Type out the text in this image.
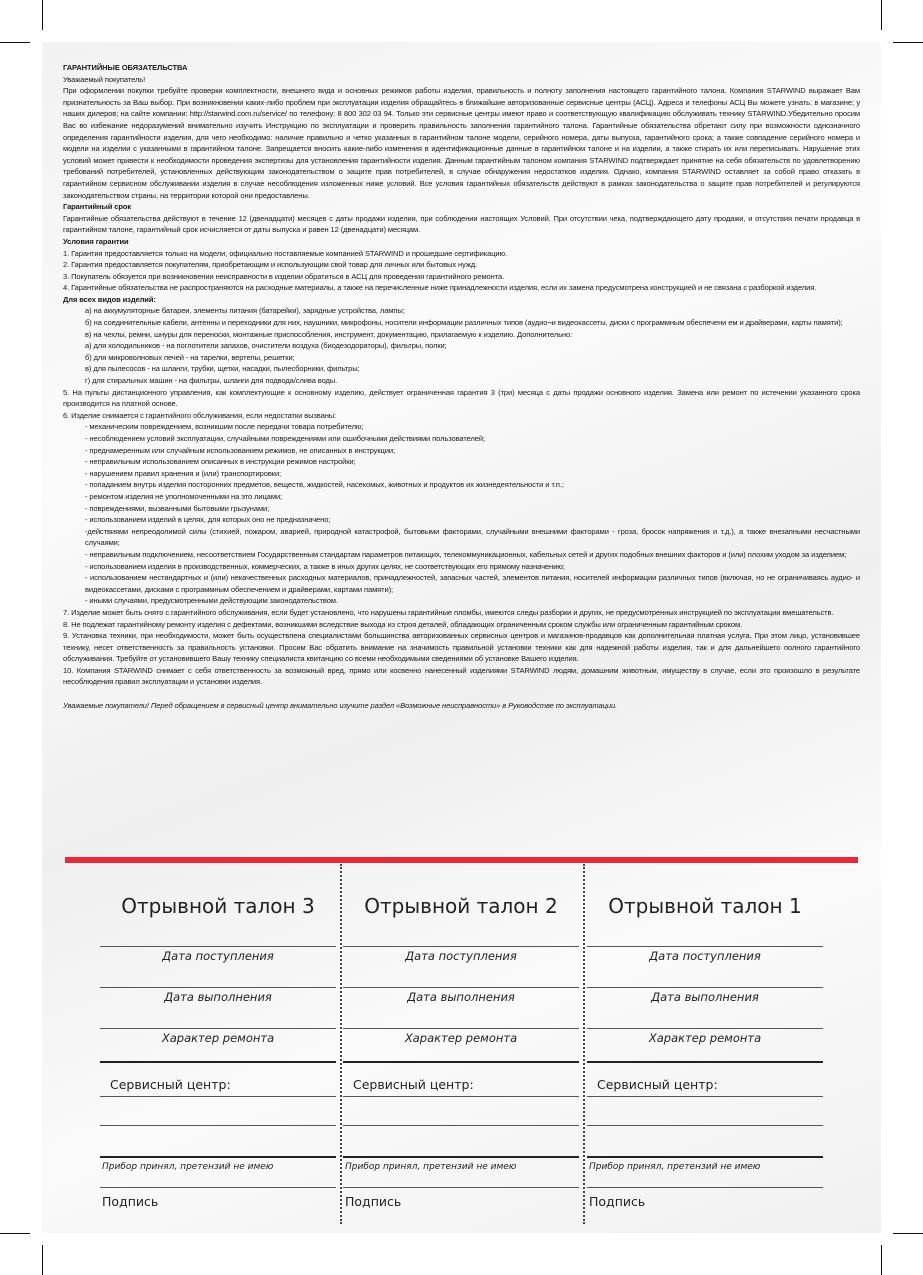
ГАРАНТИЙНЫЕ ОБЯЗАТЕЛЬСТВА

Уважаемый покупатель!

При оформлении покупки требуйте проверки комплектности, внешнего вида и основных режимов работы изделия, правильность и полноту заполнения настоящего гарантийного талона. Компания STARWIND выражает Вам признательность за Ваш выбор. При возникновении каких-либо проблем при эксплуатации изделия обращайтесь в ближайшие авторизованные сервисные центры (АСЦ). Адреса и телефоны АСЦ Вы можете узнать: в магазине; у наших дилеров; на сайте компании: http://starwind.com.ru/service/ по телефону: 8 800 302 03 94. Только эти сервисные центры имеют право и соответствующую квалификацию обслуживать технику STARWIND.Убедительно просим Вас во избежание недоразумений внимательно изучить Инструкцию по эксплуатации и проверить правильность заполнения гарантийного талона. Гарантийные обязательства обретают силу при возможности однозначного определения гарантийности изделия, для чего необходимо: наличие правильно и четко указанных в гарантийном талоне модели, серийного номера, даты выпуска, гарантийного срока; а также совпадение серийного номера и модели на изделии с указанными в гарантийном талоне. Запрещается вносить какие-либо изменения в идентификационные данные в гарантийном талоне и на изделии, а также стирать их или переписывать. Нарушение этих условий может привести к необходимости проведения экспертизы для установления гарантийности изделия. Данным гарантийным талоном компания STARWIND подтверждает принятие на себя обязательств по удовлетворению требований потребителей, установленных действующим законодательством о защите прав потребителей, в случае обнаружения недостатков изделия. Однако, компания STARWIND оставляет за собой право отказать в гарантийном сервисном обслуживании изделия в случае несоблюдения изложенных ниже условий. Все условия гарантийных обязательств действуют в рамках законодательства о защите прав потребителей и регулируются законодательством страны, на территории которой они предоставлены.

Гарантийный срок

Гарантийные обязательства действуют в течение 12 (двенадцати) месяцев с даты продажи изделия, при соблюдении настоящих Условий. При отсутствии чека, подтверждающего дату продажи, и отсутствия печати продавца в гарантийном талоне, гарантийный срок исчисляется от даты выпуска и равен 12 (двенадцати) месяцам.

Условия гарантии

1. Гарантия предоставляется только на модели, официально поставляемые компанией STARWIND и прошедшие сертификацию.

2. Гарантия предоставляется покупателям, приобретающим и использующим свой товар для личных или бытовых нужд.

3. Покупатель обязуется при возникновении неисправности в изделии обратиться в АСЦ для проведения гарантийного ремонта.

4. Гарантийные обязательства не распространяются на расходные материалы, а также на перечисленные ниже принадлежности изделия, если их замена предусмотрена конструкцией и не связана с разборкой изделия.

Для всех видов изделий:

а) на аккумуляторные батареи, элементы питания (батарейки), зарядные устройства, лампы;

б) на соединительные кабели, антенны и переходники для них, наушники, микрофоны, носители информации различных типов (аудио¬и видеокассеты, диски с программным обеспечени ем и драйверами, карты памяти);

в) на чехлы, ремни, шнуры для переноски, монтажные приспособления, инструмент, документацию, прилагаемую к изделию. Дополнительно:

а) для холодильников - на поглотители запахов, очистители воздуха (биодезодораторы), фильтры, полки;

б) для микроволновых печей - на тарелки, вертелы, решетки;

в) для пылесосов - на шланги, трубки, щетки, насадки, пылесборники, фильтры;

г) для стиральных машин - на фильтры, шланги для подвода/слива воды.

5. На пульты дистанционного управления, как комплектующие к основному изделию, действует ограниченная гарантия 3 (три) месяца с даты продажи основного изделия. Замена или ремонт по истечении указанного срока производится на платной основе.

6. Изделие снимается с гарантийного обслуживания, если недостатки вызваны:

- механическим повреждением, возникшим после передачи товара потребителю;

- несоблюдением условий эксплуатации, случайными повреждениями или ошибочными действиями пользователей;

- преднамеренным или случайным использованием режимов, не описанных в инструкции;

- неправильным использованием описанных в инструкции режимов настройки;

- нарушением правил хранения и (или) транспортировки;

- попаданием внутрь изделия посторонних предметов, веществ, жидкостей, насекомых, животных и продуктов их жизнедеятельности и т.п.;

- ремонтом изделия не уполномоченными на это лицами;

- повреждениями, вызванными бытовыми грызунами;

- использованием изделий в целях, для которых оно не предназначено;

-действиями непреодолимой силы (стихией, пожаром, аварией, природной катастрофой, бытовыми факторами, случайными внешними факторами - гроза, бросок напряжения и т.д.), а также внезапными несчастными случаями;

- неправильным подключением, несоответствием Государственным стандартам параметров питающих, телекоммуникационных, кабельных сетей и других подобных внешних факторов и (или) плохим уходом за изделием;

- использованием изделия в производственных, коммерческих, а также в иных других целях, не соответствующих его прямому назначению;

- использованием нестандартных и (или) некачественных расходных материалов, принадлежностей, запасных частей, элементов питания, носителей информации различных типов (включая, но не ограничиваясь аудио- и видеокассетами, дисками с программным обеспечением и драйверами, картами памяти);

- иными случаями, предусмотренными действующим законодательством.

7. Изделие может быть снято с гарантийного обслуживания, если будет установлено, что нарушены гарантийные пломбы, имеются следы разборки и других, не предусмотренных инструкцией по эксплуатации вмешательств.

8. Не подлежат гарантийному ремонту изделия с дефектами, возникшими вследствие выхода из строя деталей, обладающих ограниченным сроком службы или ограниченным гарантийным сроком.

9. Установка техники, при необходимости, может быть осуществлена специалистами большинства авторизованных сервисных центров и магазинов-продавцов как дополнительная платная услуга. При этом лицо, установившее технику, несет ответственность за правильность установки. Просим Вас обратить внимание на значимость правильной установки техники как для надежной работы изделия, так и для дальнейшего полного гарантийного обслуживания. Требуйте от установившего Вашу технику специалиста квитанцию со всеми необходимыми сведениями об установке Вашего изделия.

10. Компания STARWIND снимает с себя ответственность за возможный вред, прямо или косвенно нанесенный изделиями STARWIND людям, домашним животным, имуществу в случае, если это произошло в результате несоблюдения правил эксплуатации и установки изделия.

Уважаемые покупатели! Перед обращением в сервисный центр внимательно изучите раздел «Возможные неисправности» в Руководстве по эксплуатации.

Отрывной талон 3
Дата поступления
Дата выполнения
Характер ремонта
Сервисный центр:
Прибор принял, претензий не имею
Подпись
Отрывной талон 2
Дата поступления
Дата выполнения
Характер ремонта
Сервисный центр:
Прибор принял, претензий не имею
Подпись
Отрывной талон 1
Дата поступления
Дата выполнения
Характер ремонта
Сервисный центр:
Прибор принял, претензий не имею
Подпись
